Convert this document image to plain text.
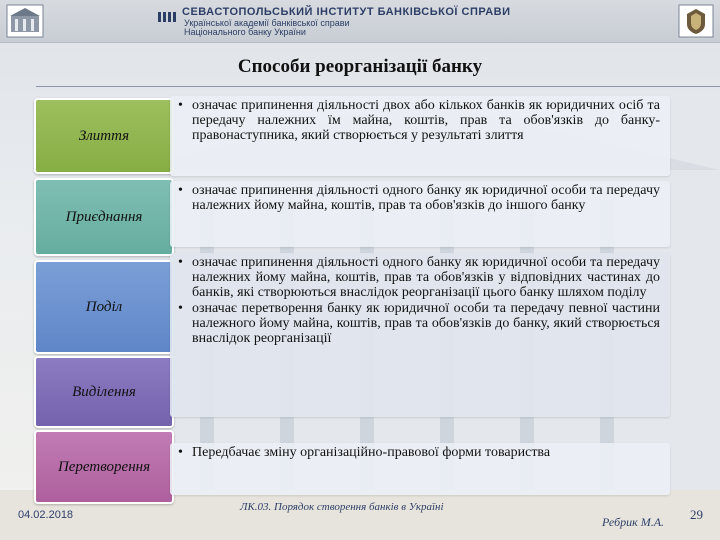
СЕВАСТОПОЛЬСЬКИЙ ІНСТИТУТ БАНКІВСЬКОЇ СПРАВИ
Української академії банківської справи
Національного банку України
Способи реорганізації банку
Злиття
Приєднання
Поділ
Виділення
Перетворення

• означає припинення діяльності двох або кількох банків як юридичних осіб та передачу належних їм майна, коштів, прав та обов'язків до банку-правонаступника, який створюється у результаті злиття

• означає припинення діяльності одного банку як юридичної особи та передачу належних йому майна, коштів, прав та обов'язків до іншого банку

• означає припинення діяльності одного банку як юридичної особи та передачу належних йому майна, коштів, прав та обов'язків у відповідних частинах до банків, які створюються внаслідок реорганізації цього банку шляхом поділу

• означає перетворення банку як юридичної особи та передачу певної частини належного йому майна, коштів, прав та обов'язків до банку, який створюється внаслідок реорганізації

• Передбачає зміну організаційно-правової форми товариства

04.02.2018
ЛК.03. Порядок створення банків в Україні
Ребрик М.А. 29
